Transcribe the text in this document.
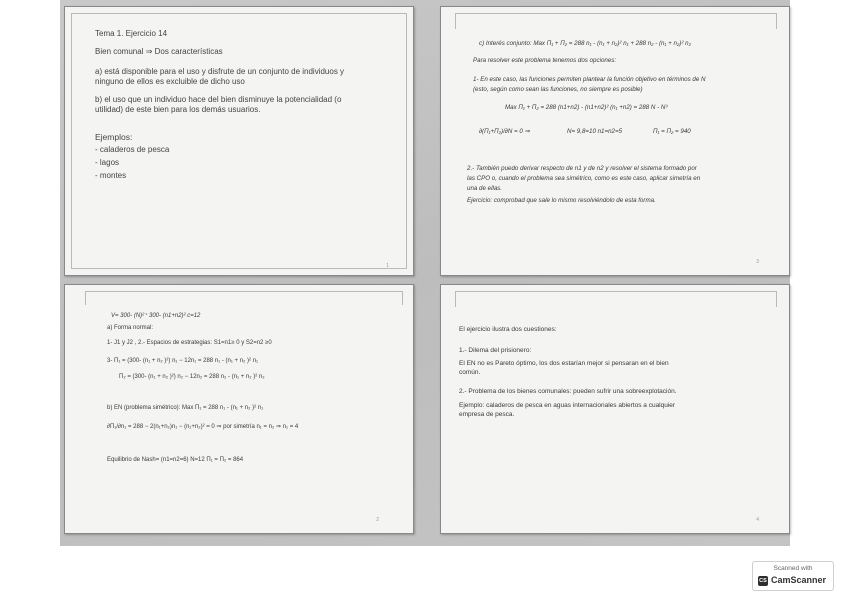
Tema 1. Ejercicio 14
Bien comunal ⇒ Dos características
a) está disponible para el uso y disfrute de un conjunto de individuos y
ninguno de ellos es excluible de dicho uso
b) el uso que un individuo hace del bien disminuye la potencialidad (o
utilidad) de este bien para los demás usuarios.
Ejemplos:
- caladeros de pesca
- lagos
- montes
1
c) Interés conjunto: Max Π₁ + Π₂ = 288 n₁ - (n₁ + n₂)² n₁ + 288 n₂ - (n₁ + n₂)² n₂
Para resolver este problema tenemos dos opciones:
1- En este caso, las funciones permiten plantear la función objetivo en términos de N
(esto, según como sean las funciones, no siempre es posible)
Max Π₁ + Π₂ = 288 (n1+n2) - (n1+n2)² (n₁ +n2) = 288 N - N³
∂(Π₁+Π₂)/∂N = 0 ⇒	N= 9,8=10 n1=n2=5	Π₁ = Π₂ = 940
2.- También puedo derivar respecto de n1 y de n2 y resolver el sistema formado por
las CPO o, cuando el problema sea simétrico, como es este caso, aplicar simetría en
una de ellas.
Ejercicio: comprobad que sale lo mismo resolviéndolo de esta forma.
3
V= 300- (N)²⁺ 300- (n1+n2)² c=12
a) Forma normal:
1- J1 y J2 , 2.- Espacios de estrategias: S1=n1≥ 0 y S2=n2 ≥0
3- Π₁ = (300- (n₁ + n₂ )²) n₁ − 12n₁ = 288 n₁ - (n₁ + n₂ )² n₁
Π₂ = (300- (n₁ + n₂ )²) n₂ − 12n₂ = 288 n₂ - (n₁ + n₂ )² n₂
b) EN (problema simétrico): Max Π₁ = 288 n₁ - (n₁ + n₂ )² n₁
∂Π₁/∂n₁ = 288 − 2(n₁+n₂)n₁ − (n₁+n₂)² = 0 ⇒ por simetría n₁ = n₂ ⇒ n₁ = 4
Equilibrio de Nash= (n1=n2=6) N=12 Π₁ = Π₂ = 864
2
El ejercicio ilustra dos cuestiones:
1.- Dilema del prisionero:
El EN no es Pareto óptimo, los dos estarían mejor si pensaran en el bien
común.
2.- Problema de los bienes comunales: pueden sufrir una sobreexplotación.
Ejemplo: caladeros de pesca en aguas internacionales abiertos a cualquier
empresa de pesca.
4
Scanned with
CS CamScanner
